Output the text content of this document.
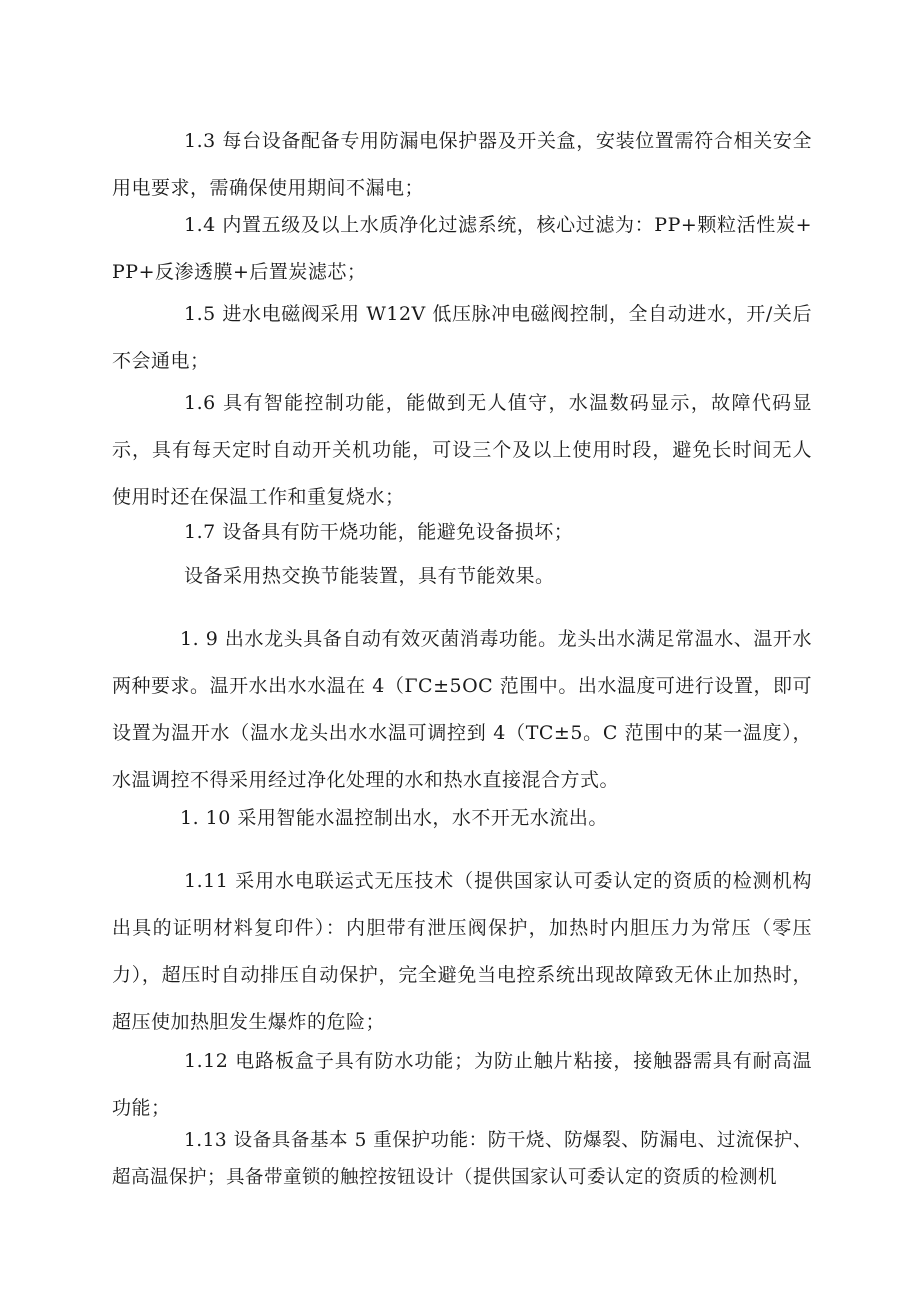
1.3 每台设备配备专用防漏电保护器及开关盒，安装位置需符合相关安全用电要求，需确保使用期间不漏电；

1.4 内置五级及以上水质净化过滤系统，核心过滤为：PP+颗粒活性炭+PP+反渗透膜+后置炭滤芯；

1.5 进水电磁阀采用 W12V 低压脉冲电磁阀控制，全自动进水，开/关后不会通电；

1.6 具有智能控制功能，能做到无人值守，水温数码显示，故障代码显示，具有每天定时自动开关机功能，可设三个及以上使用时段，避免长时间无人使用时还在保温工作和重复烧水；

1.7 设备具有防干烧功能，能避免设备损坏；

设备采用热交换节能装置，具有节能效果。

1. 9 出水龙头具备自动有效灭菌消毒功能。龙头出水满足常温水、温开水两种要求。温开水出水水温在 4（ΓC±5OC 范围中。出水温度可进行设置，即可设置为温开水（温水龙头出水水温可调控到 4（TC±5。C 范围中的某一温度），水温调控不得采用经过净化处理的水和热水直接混合方式。

1. 10 采用智能水温控制出水，水不开无水流出。

1.11 采用水电联运式无压技术（提供国家认可委认定的资质的检测机构出具的证明材料复印件）：内胆带有泄压阀保护，加热时内胆压力为常压（零压力），超压时自动排压自动保护，完全避免当电控系统出现故障致无休止加热时，超压使加热胆发生爆炸的危险；

1.12 电路板盒子具有防水功能；为防止触片粘接，接触器需具有耐高温功能；

1.13 设备具备基本 5 重保护功能：防干烧、防爆裂、防漏电、过流保护、超高温保护；具备带童锁的触控按钮设计（提供国家认可委认定的资质的检测机
